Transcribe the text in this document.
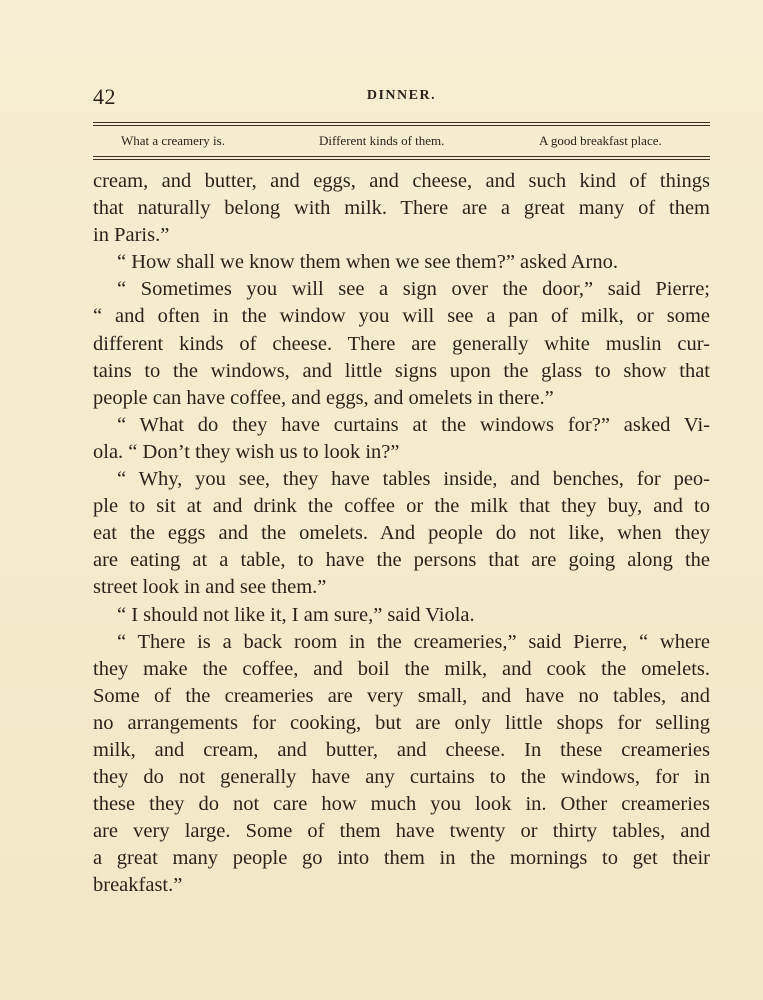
42	DINNER.
What a creamery is.	Different kinds of them.	A good breakfast place.
cream, and butter, and eggs, and cheese, and such kind of things
that naturally belong with milk. There are a great many of them
in Paris.”
“ How shall we know them when we see them?” asked Arno.
“ Sometimes you will see a sign over the door,” said Pierre;
“ and often in the window you will see a pan of milk, or some
different kinds of cheese. There are generally white muslin cur-
tains to the windows, and little signs upon the glass to show that
people can have coffee, and eggs, and omelets in there.”
“ What do they have curtains at the windows for?” asked Vi-
ola. “ Don’t they wish us to look in?”
“ Why, you see, they have tables inside, and benches, for peo-
ple to sit at and drink the coffee or the milk that they buy, and to
eat the eggs and the omelets. And people do not like, when they
are eating at a table, to have the persons that are going along the
street look in and see them.”
“ I should not like it, I am sure,” said Viola.
“ There is a back room in the creameries,” said Pierre, “ where
they make the coffee, and boil the milk, and cook the omelets.
Some of the creameries are very small, and have no tables, and
no arrangements for cooking, but are only little shops for selling
milk, and cream, and butter, and cheese. In these creameries
they do not generally have any curtains to the windows, for in
these they do not care how much you look in. Other creameries
are very large. Some of them have twenty or thirty tables, and
a great many people go into them in the mornings to get their
breakfast.”
